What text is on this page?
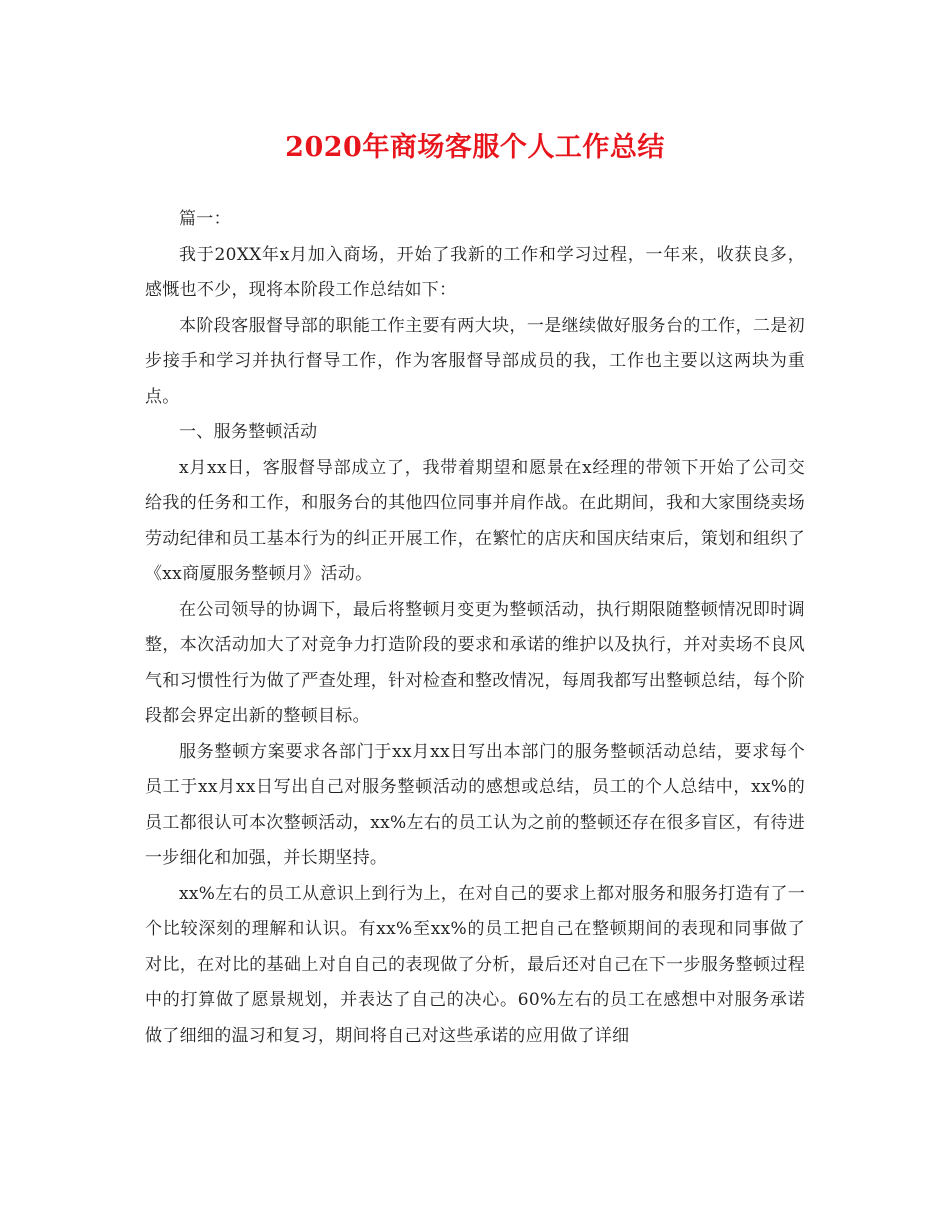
2020年商场客服个人工作总结

篇一：

我于20XX年x月加入商场，开始了我新的工作和学习过程，一年来，收获良多，感慨也不少，现将本阶段工作总结如下：

本阶段客服督导部的职能工作主要有两大块，一是继续做好服务台的工作，二是初步接手和学习并执行督导工作，作为客服督导部成员的我，工作也主要以这两块为重点。

一、服务整顿活动

x月xx日，客服督导部成立了，我带着期望和愿景在x经理的带领下开始了公司交给我的任务和工作，和服务台的其他四位同事并肩作战。在此期间，我和大家围绕卖场劳动纪律和员工基本行为的纠正开展工作，在繁忙的店庆和国庆结束后，策划和组织了《xx商厦服务整顿月》活动。

在公司领导的协调下，最后将整顿月变更为整顿活动，执行期限随整顿情况即时调整，本次活动加大了对竞争力打造阶段的要求和承诺的维护以及执行，并对卖场不良风气和习惯性行为做了严查处理，针对检查和整改情况，每周我都写出整顿总结，每个阶段都会界定出新的整顿目标。

服务整顿方案要求各部门于xx月xx日写出本部门的服务整顿活动总结，要求每个员工于xx月xx日写出自己对服务整顿活动的感想或总结，员工的个人总结中，xx%的员工都很认可本次整顿活动，xx%左右的员工认为之前的整顿还存在很多盲区，有待进一步细化和加强，并长期坚持。

xx%左右的员工从意识上到行为上，在对自己的要求上都对服务和服务打造有了一个比较深刻的理解和认识。有xx%至xx%的员工把自己在整顿期间的表现和同事做了对比，在对比的基础上对自自己的表现做了分析，最后还对自己在下一步服务整顿过程中的打算做了愿景规划，并表达了自己的决心。60%左右的员工在感想中对服务承诺做了细细的温习和复习，期间将自己对这些承诺的应用做了详细
